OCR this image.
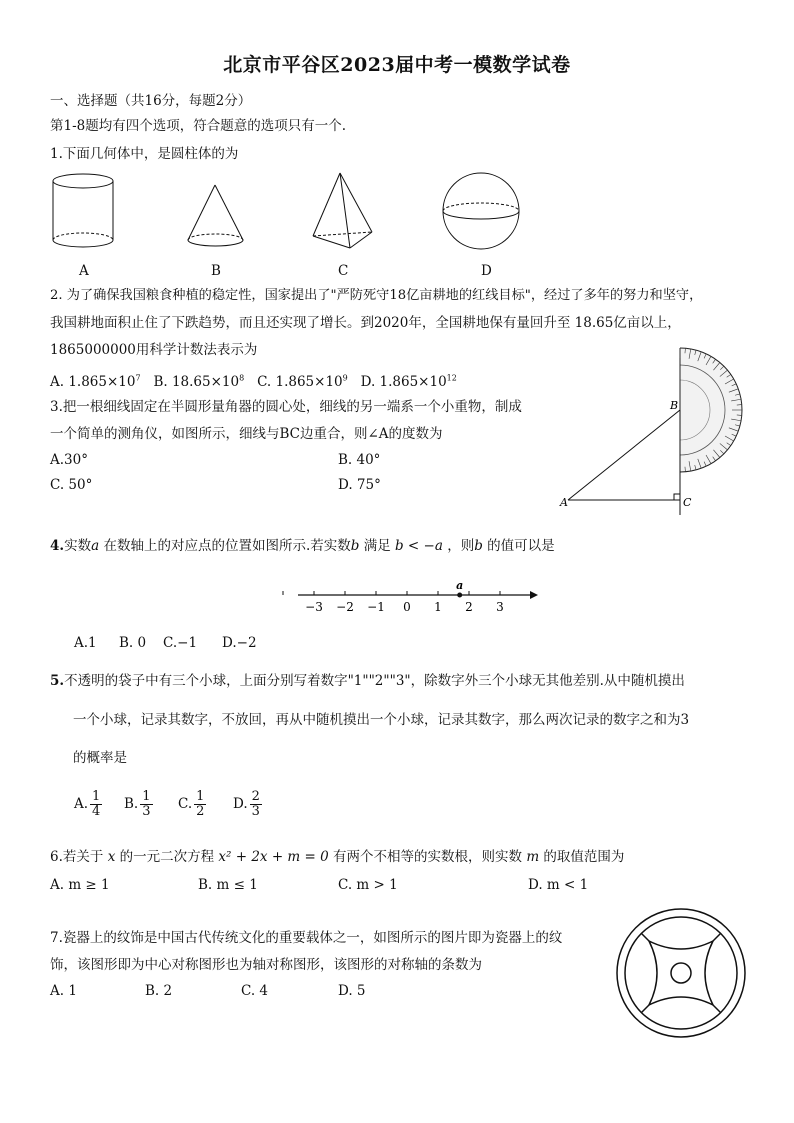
北京市平谷区2023届中考一模数学试卷
一、选择题（共16分，每题2分）
第1-8题均有四个选项，符合题意的选项只有一个.
1.下面几何体中，是圆柱体的为
A	B	C	D
2. 为了确保我国粮食种植的稳定性，国家提出了"严防死守18亿亩耕地的红线目标"，经过了多年的努力和坚守，
我国耕地面积止住了下跌趋势，而且还实现了增长。到2020年，全国耕地保有量回升至 18.65亿亩以上，
1865000000用科学计数法表示为
A. $1.865\times 10^7$ B. $18.65\times 10^8$ C. $1.865\times 10^9$ D. $1.865\times 10^{12}$
3.把一根细线固定在半圆形量角器的圆心处，细线的另一端系一个小重物，制成
一个简单的测角仪，如图所示，细线与BC边重合，则∠A的度数为
A.30°	B. 40°
C. 50°	D. 75°
A
B
C
4.实数a 在数轴上的对应点的位置如图所示.若实数b 满足 b < −a ，则b 的值可以是
−3 −2 −1 0 1 2 3
a
A.1 B. 0 C.−1 D.−2
5.不透明的袋子中有三个小球，上面分别写着数字"1""2""3"，除数字外三个小球无其他差别.从中随机摸出
一个小球，记录其数字，不放回，再从中随机摸出一个小球，记录其数字，那么两次记录的数字之和为3
的概率是
A. $\frac{1}{4} B$. $\frac{1}{3} C$. $\frac{1}{2} D$. $\frac{2}{3}$
6.若关于 x 的一元二次方程 x² + 2x + m = 0 有两个不相等的实数根，则实数 m 的取值范围为
A. m ≥ 1	B. m ≤ 1	C. m > 1	D. m < 1
7.瓷器上的纹饰是中国古代传统文化的重要载体之一，如图所示的图片即为瓷器上的纹
饰，该图形即为中心对称图形也为轴对称图形，该图形的对称轴的条数为
A. 1	B. 2	C. 4	D. 5
